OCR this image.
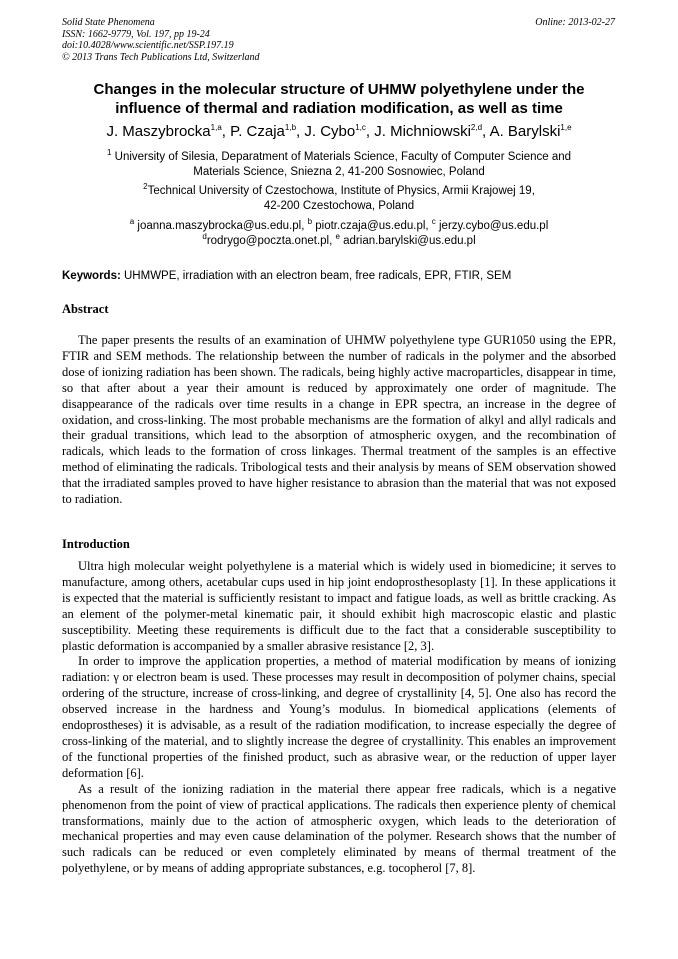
Solid State Phenomena
ISSN: 1662-9779, Vol. 197, pp 19-24
doi:10.4028/www.scientific.net/SSP.197.19
© 2013 Trans Tech Publications Ltd, Switzerland
Online: 2013-02-27
Changes in the molecular structure of UHMW polyethylene under the influence of thermal and radiation modification, as well as time
J. Maszybrocka$^{1,a}$, P. Czaja$^{1,b}$, J. Cybo$^{1,c}$, J. Michniowski$^{2,d}$, A. Barylski$^{1,e}$
$^1$ University of Silesia, Deparatment of Materials Science, Faculty of Computer Science and
Materials Science, Sniezna 2, 41-200 Sosnowiec, Poland
$^2$Technical University of Czestochowa, Institute of Physics, Armii Krajowej 19,
42-200 Czestochowa, Poland
$^a$ joanna.maszybrocka@us.edu.pl, $^b$ piotr.czaja@us.edu.pl, $^c$ jerzy.cybo@us.edu.pl
$^d$rodrygo@poczta.onet.pl, $^e$ adrian.barylski@us.edu.pl
Keywords: UHMWPE, irradiation with an electron beam, free radicals, EPR, FTIR, SEM
Abstract

The paper presents the results of an examination of UHMW polyethylene type GUR1050 using the EPR, FTIR and SEM methods. The relationship between the number of radicals in the polymer and the absorbed dose of ionizing radiation has been shown. The radicals, being highly active macroparticles, disappear in time, so that after about a year their amount is reduced by approximately one order of magnitude. The disappearance of the radicals over time results in a change in EPR spectra, an increase in the degree of oxidation, and cross-linking. The most probable mechanisms are the formation of alkyl and allyl radicals and their gradual transitions, which lead to the absorption of atmospheric oxygen, and the recombination of radicals, which leads to the formation of cross linkages. Thermal treatment of the samples is an effective method of eliminating the radicals. Tribological tests and their analysis by means of SEM observation showed that the irradiated samples proved to have higher resistance to abrasion than the material that was not exposed to radiation.

Introduction

Ultra high molecular weight polyethylene is a material which is widely used in biomedicine; it serves to manufacture, among others, acetabular cups used in hip joint endoprosthesoplasty [1]. In these applications it is expected that the material is sufficiently resistant to impact and fatigue loads, as well as brittle cracking. As an element of the polymer-metal kinematic pair, it should exhibit high macroscopic elastic and plastic susceptibility. Meeting these requirements is difficult due to the fact that a considerable susceptibility to plastic deformation is accompanied by a smaller abrasive resistance [2, 3].

In order to improve the application properties, a method of material modification by means of ionizing radiation: γ or electron beam is used. These processes may result in decomposition of polymer chains, special ordering of the structure, increase of cross-linking, and degree of crystallinity [4, 5]. One also has record the observed increase in the hardness and Young’s modulus. In biomedical applications (elements of endoprostheses) it is advisable, as a result of the radiation modification, to increase especially the degree of cross-linking of the material, and to slightly increase the degree of crystallinity. This enables an improvement of the functional properties of the finished product, such as abrasive wear, or the reduction of upper layer deformation [6].

As a result of the ionizing radiation in the material there appear free radicals, which is a negative phenomenon from the point of view of practical applications. The radicals then experience plenty of chemical transformations, mainly due to the action of atmospheric oxygen, which leads to the deterioration of mechanical properties and may even cause delamination of the polymer. Research shows that the number of such radicals can be reduced or even completely eliminated by means of thermal treatment of the polyethylene, or by means of adding appropriate substances, e.g. tocopherol [7, 8].
